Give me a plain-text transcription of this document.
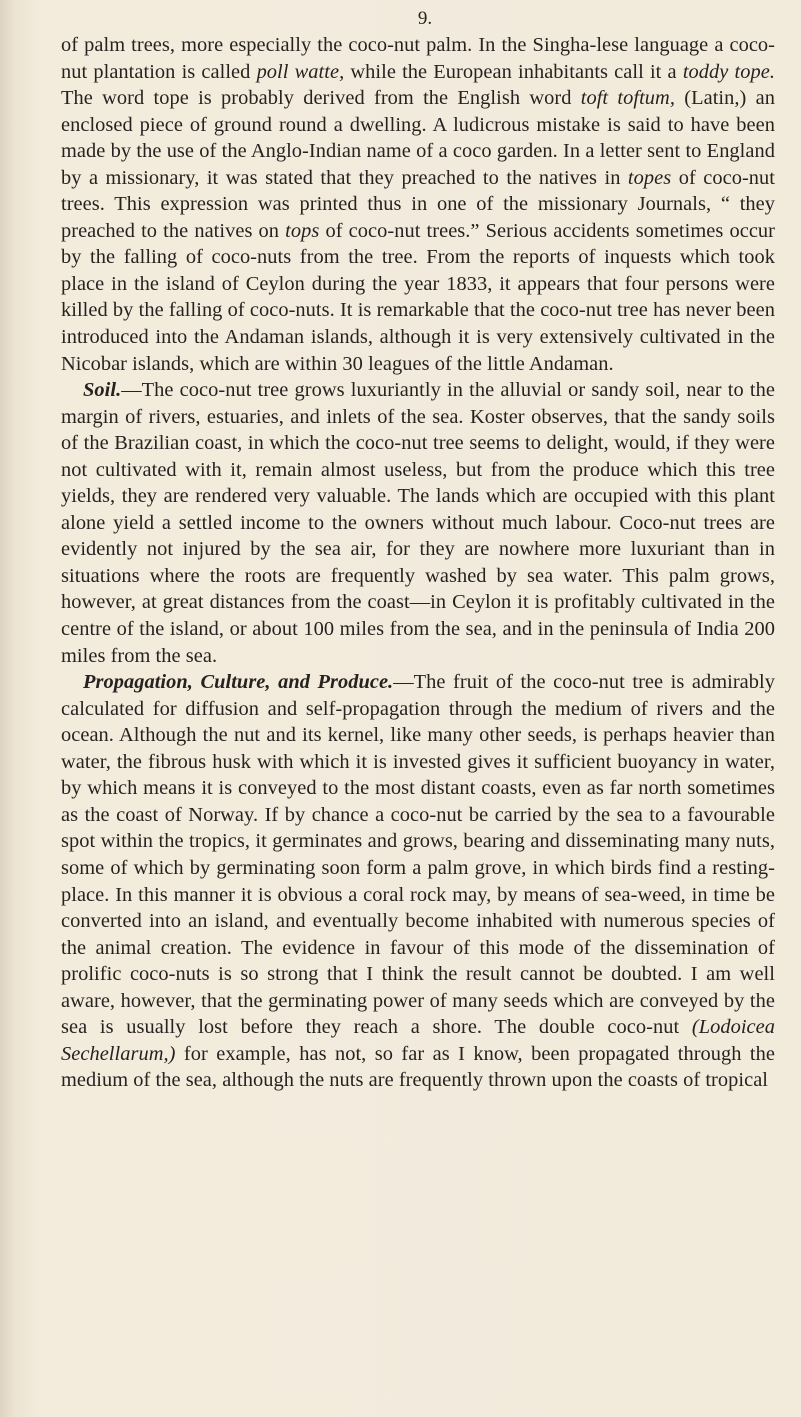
9.

of palm trees, more especially the coco-nut palm. In the Singha-lese language a coco-nut plantation is called poll watte, while the European inhabitants call it a toddy tope. The word tope is probably derived from the English word toft toftum, (Latin,) an enclosed piece of ground round a dwelling. A ludicrous mistake is said to have been made by the use of the Anglo-Indian name of a coco garden. In a letter sent to England by a missionary, it was stated that they preached to the natives in topes of coco-nut trees. This expression was printed thus in one of the missionary Journals, “ they preached to the natives on tops of coco-nut trees.” Serious accidents sometimes occur by the falling of coco-nuts from the tree. From the reports of inquests which took place in the island of Ceylon during the year 1833, it appears that four persons were killed by the falling of coco-nuts. It is remarkable that the coco-nut tree has never been introduced into the Andaman islands, although it is very extensively cultivated in the Nicobar islands, which are within 30 leagues of the little Andaman.

Soil.—The coco-nut tree grows luxuriantly in the alluvial or sandy soil, near to the margin of rivers, estuaries, and inlets of the sea. Koster observes, that the sandy soils of the Brazilian coast, in which the coco-nut tree seems to delight, would, if they were not cultivated with it, remain almost useless, but from the produce which this tree yields, they are rendered very valuable. The lands which are occupied with this plant alone yield a settled income to the owners without much labour. Coco-nut trees are evidently not injured by the sea air, for they are nowhere more luxuriant than in situations where the roots are frequently washed by sea water. This palm grows, however, at great distances from the coast—in Ceylon it is profitably cultivated in the centre of the island, or about 100 miles from the sea, and in the peninsula of India 200 miles from the sea.

Propagation, Culture, and Produce.—The fruit of the coco-nut tree is admirably calculated for diffusion and self-propagation through the medium of rivers and the ocean. Although the nut and its kernel, like many other seeds, is perhaps heavier than water, the fibrous husk with which it is invested gives it sufficient buoyancy in water, by which means it is conveyed to the most distant coasts, even as far north sometimes as the coast of Norway. If by chance a coco-nut be carried by the sea to a favourable spot within the tropics, it germinates and grows, bearing and disseminating many nuts, some of which by germinating soon form a palm grove, in which birds find a resting-place. In this manner it is obvious a coral rock may, by means of sea-weed, in time be converted into an island, and eventually become inhabited with numerous species of the animal creation. The evidence in favour of this mode of the dissemination of prolific coco-nuts is so strong that I think the result cannot be doubted. I am well aware, however, that the germinating power of many seeds which are conveyed by the sea is usually lost before they reach a shore. The double coco-nut (Lodoicea Sechellarum,) for example, has not, so far as I know, been propagated through the medium of the sea, although the nuts are frequently thrown upon the coasts of tropical
